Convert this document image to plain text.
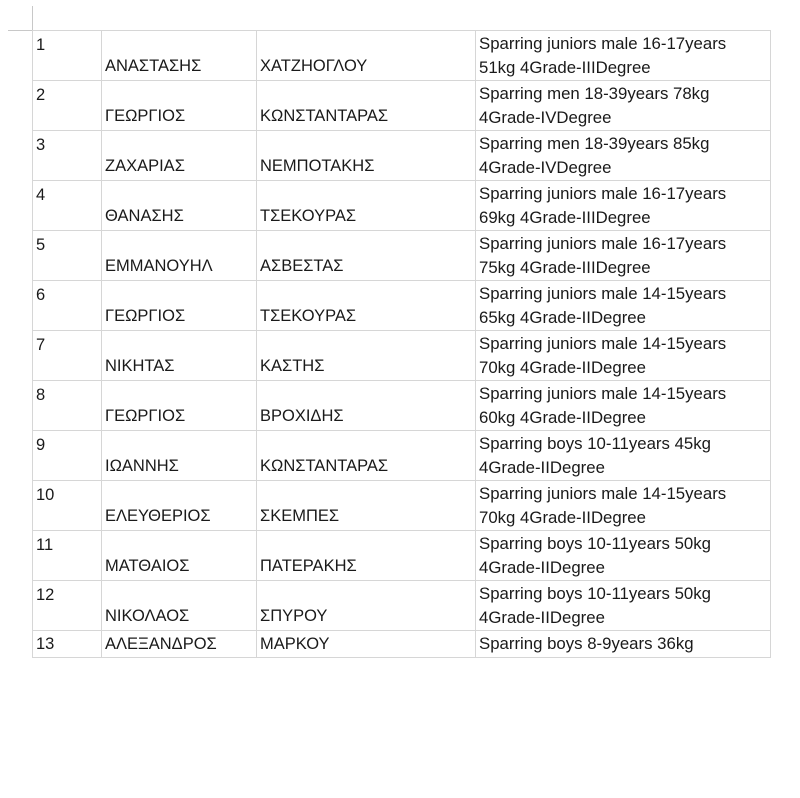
1	ΑΝΑΣΤΑΣΗΣ	ΧΑΤΖΗΟΓΛΟΥ	Sparring juniors male 16-17years 51kg 4Grade-IIIDegree
2	ΓΕΩΡΓΙΟΣ	ΚΩΝΣΤΑΝΤΑΡΑΣ	Sparring men 18-39years 78kg 4Grade-IVDegree
3	ΖΑΧΑΡΙΑΣ	ΝΕΜΠΟΤΑΚΗΣ	Sparring men 18-39years 85kg 4Grade-IVDegree
4	ΘΑΝΑΣΗΣ	ΤΣΕΚΟΥΡΑΣ	Sparring juniors male 16-17years 69kg 4Grade-IIIDegree
5	ΕΜΜΑΝΟΥΗΛ	ΑΣΒΕΣΤΑΣ	Sparring juniors male 16-17years 75kg 4Grade-IIIDegree
6	ΓΕΩΡΓΙΟΣ	ΤΣΕΚΟΥΡΑΣ	Sparring juniors male 14-15years 65kg 4Grade-IIDegree
7	ΝΙΚΗΤΑΣ	ΚΑΣΤΗΣ	Sparring juniors male 14-15years 70kg 4Grade-IIDegree
8	ΓΕΩΡΓΙΟΣ	ΒΡΟΧΙΔΗΣ	Sparring juniors male 14-15years 60kg 4Grade-IIDegree
9	ΙΩΑΝΝΗΣ	ΚΩΝΣΤΑΝΤΑΡΑΣ	Sparring boys 10-11years 45kg 4Grade-IIDegree
10	ΕΛΕΥΘΕΡΙΟΣ	ΣΚΕΜΠΕΣ	Sparring juniors male 14-15years 70kg 4Grade-IIDegree
11	ΜΑΤΘΑΙΟΣ	ΠΑΤΕΡΑΚΗΣ	Sparring boys 10-11years 50kg 4Grade-IIDegree
12	ΝΙΚΟΛΑΟΣ	ΣΠΥΡΟΥ	Sparring boys 10-11years 50kg 4Grade-IIDegree
13	ΑΛΕΞΑΝΔΡΟΣ	ΜΑΡΚΟΥ	Sparring boys 8-9years 36kg
